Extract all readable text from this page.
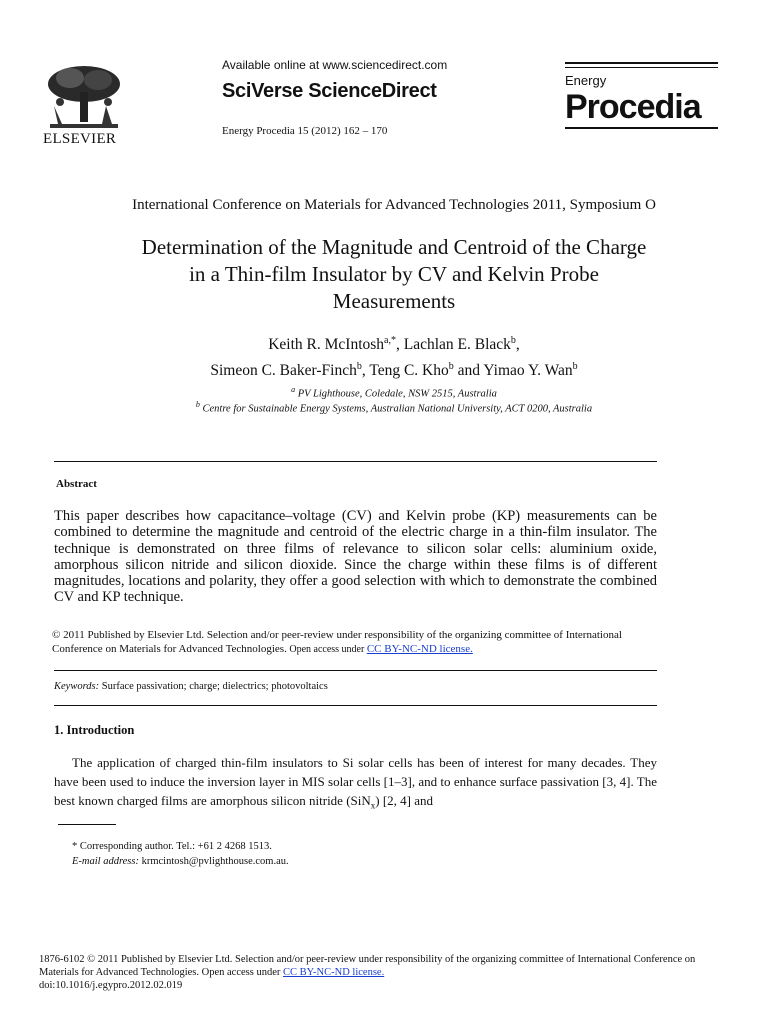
ELSEVIER
Available online at www.sciencedirect.com
SciVerse ScienceDirect
Energy Procedia 15 (2012) 162 – 170
Energy
Procedia
International Conference on Materials for Advanced Technologies 2011, Symposium O
Determination of the Magnitude and Centroid of the Charge
in a Thin-film Insulator by CV and Kelvin Probe
Measurements
Keith R. McIntosh$^{a,*}$, Lachlan E. Black$^b$,
Simeon C. Baker-Finch$^b$, Teng C. Kho$^b$ and Yimao Y. Wan$^b$
$^a$ PV Lighthouse, Coledale, NSW 2515, Australia
$^b$ Centre for Sustainable Energy Systems, Australian National University, ACT 0200, Australia
Abstract
This paper describes how capacitance–voltage (CV) and Kelvin probe (KP) measurements can be combined to determine the magnitude and centroid of the electric charge in a thin-film insulator. The technique is demonstrated on three films of relevance to silicon solar cells: aluminium oxide, amorphous silicon nitride and silicon dioxide. Since the charge within these films is of different magnitudes, locations and polarity, they offer a good selection with which to demonstrate the combined CV and KP technique.
© 2011 Published by Elsevier Ltd. Selection and/or peer-review under responsibility of the organizing committee of International Conference on Materials for Advanced Technologies. Open access under CC BY-NC-ND license.
Keywords: Surface passivation; charge; dielectrics; photovoltaics
1. Introduction
The application of charged thin-film insulators to Si solar cells has been of interest for many decades. They have been used to induce the inversion layer in MIS solar cells [1–3], and to enhance surface passivation [3, 4]. The best known charged films are amorphous silicon nitride (SiN$_x$) [2, 4] and
* Corresponding author. Tel.: +61 2 4268 1513.
E-mail address: krmcintosh@pvlighthouse.com.au.
1876-6102 © 2011 Published by Elsevier Ltd. Selection and/or peer-review under responsibility of the organizing committee of International Conference on Materials for Advanced Technologies. Open access under CC BY-NC-ND license.
doi:10.1016/j.egypro.2012.02.019
